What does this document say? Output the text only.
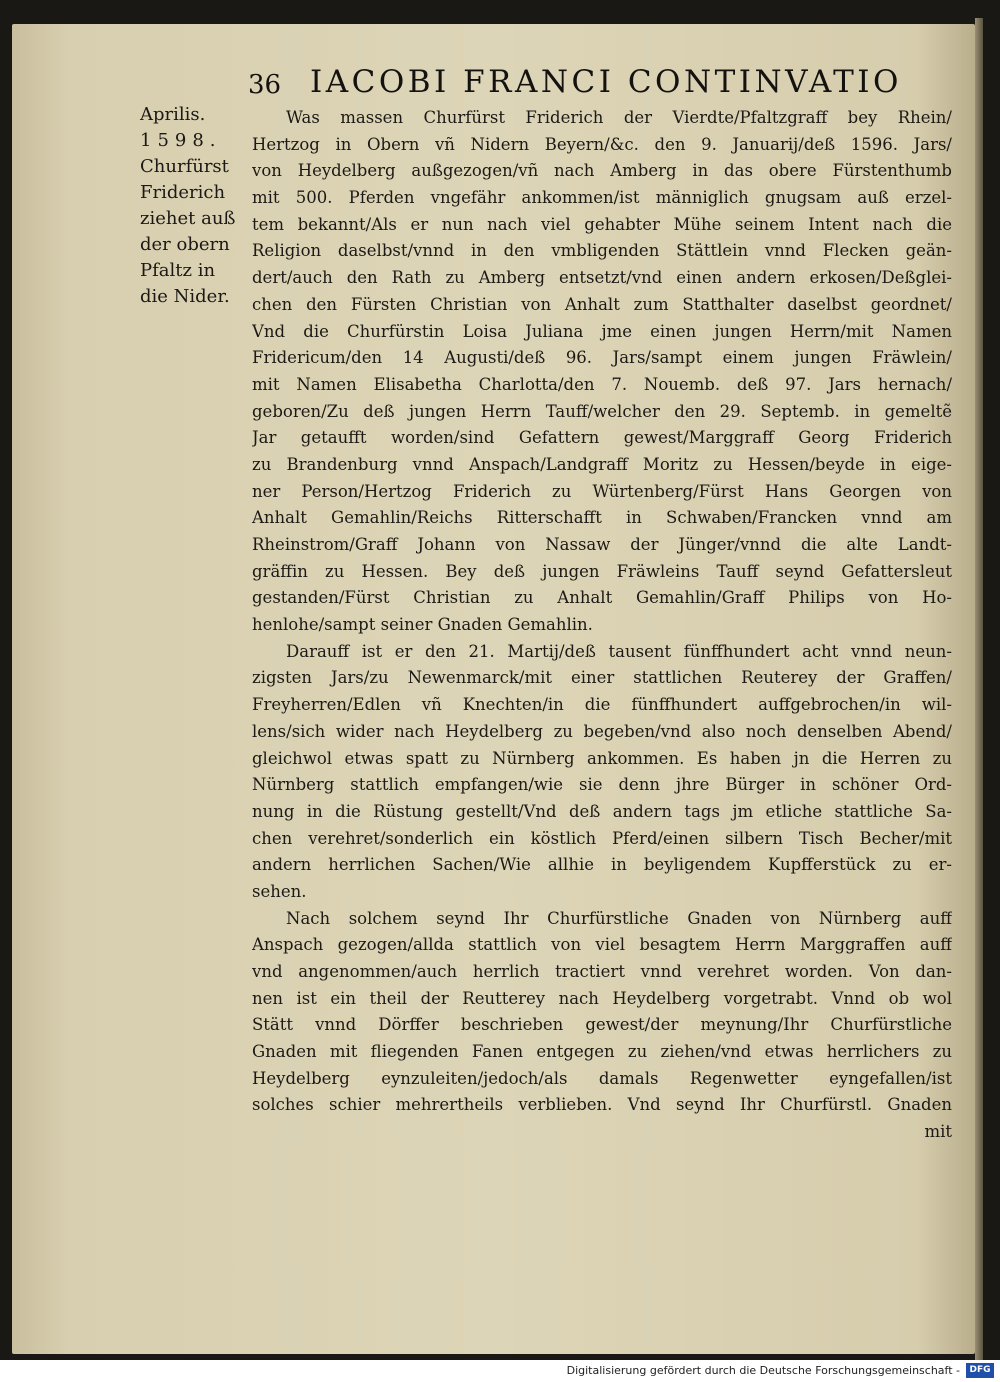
36 IACOBI FRANCI CONTINVATIO
Aprilis.
1598.
Churfürst
Friderich
ziehet auß
der obern
Pfaltz in
die Nider.
Was massen Churfürst Friderich der Vierdte/Pfaltzgraff bey Rhein/
Hertzog in Obern vñ Nidern Beyern/&c. den 9. Januarij/deß 1596. Jars/
von Heydelberg außgezogen/vñ nach Amberg in das obere Fürstenthumb
mit 500. Pferden vngefähr ankommen/ist männiglich gnugsam auß erzel-
tem bekannt/Als er nun nach viel gehabter Mühe seinem Intent nach die
Religion daselbst/vnnd in den vmbligenden Stättlein vnnd Flecken geän-
dert/auch den Rath zu Amberg entsetzt/vnd einen andern erkosen/Deßglei-
chen den Fürsten Christian von Anhalt zum Statthalter daselbst geordnet/
Vnd die Churfürstin Loisa Juliana jme einen jungen Herrn/mit Namen
Fridericum/den 14 Augusti/deß 96. Jars/sampt einem jungen Fräwlein/
mit Namen Elisabetha Charlotta/den 7. Nouemb. deß 97. Jars hernach/
geboren/Zu deß jungen Herrn Tauff/welcher den 29. Septemb. in gemeltẽ
Jar getaufft worden/sind Gefattern gewest/Marggraff Georg Friderich
zu Brandenburg vnnd Anspach/Landgraff Moritz zu Hessen/beyde in eige-
ner Person/Hertzog Friderich zu Würtenberg/Fürst Hans Georgen von
Anhalt Gemahlin/Reichs Ritterschafft in Schwaben/Francken vnnd am
Rheinstrom/Graff Johann von Nassaw der Jünger/vnnd die alte Landt-
gräffin zu Hessen. Bey deß jungen Fräwleins Tauff seynd Gefattersleut
gestanden/Fürst Christian zu Anhalt Gemahlin/Graff Philips von Ho-
henlohe/sampt seiner Gnaden Gemahlin.
Darauff ist er den 21. Martij/deß tausent fünffhundert acht vnnd neun-
zigsten Jars/zu Newenmarck/mit einer stattlichen Reuterey der Graffen/
Freyherren/Edlen vñ Knechten/in die fünffhundert auffgebrochen/in wil-
lens/sich wider nach Heydelberg zu begeben/vnd also noch denselben Abend/
gleichwol etwas spatt zu Nürnberg ankommen. Es haben jn die Herren zu
Nürnberg stattlich empfangen/wie sie denn jhre Bürger in schöner Ord-
nung in die Rüstung gestellt/Vnd deß andern tags jm etliche stattliche Sa-
chen verehret/sonderlich ein köstlich Pferd/einen silbern Tisch Becher/mit
andern herrlichen Sachen/Wie allhie in beyligendem Kupfferstück zu er-
sehen.
Nach solchem seynd Ihr Churfürstliche Gnaden von Nürnberg auff
Anspach gezogen/allda stattlich von viel besagtem Herrn Marggraffen auff
vnd angenommen/auch herrlich tractiert vnnd verehret worden. Von dan-
nen ist ein theil der Reutterey nach Heydelberg vorgetrabt. Vnnd ob wol
Stätt vnnd Dörffer beschrieben gewest/der meynung/Ihr Churfürstliche
Gnaden mit fliegenden Fanen entgegen zu ziehen/vnd etwas herrlichers zu
Heydelberg eynzuleiten/jedoch/als damals Regenwetter eyngefallen/ist
solches schier mehrertheils verblieben. Vnd seynd Ihr Churfürstl. Gnaden
mit
Digitalisierung gefördert durch die Deutsche Forschungsgemeinschaft -	DFG
